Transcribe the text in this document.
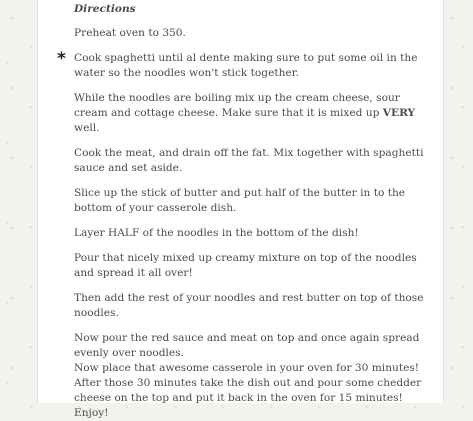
Directions

Preheat oven to 350.

Cook spaghetti until al dente making sure to put some oil in the water so the noodles won't stick together.

While the noodles are boiling mix up the cream cheese, sour cream and cottage cheese. Make sure that it is mixed up VERY well.

Cook the meat, and drain off the fat. Mix together with spaghetti sauce and set aside.

Slice up the stick of butter and put half of the butter in to the bottom of your casserole dish.

Layer HALF of the noodles in the bottom of the dish!

Pour that nicely mixed up creamy mixture on top of the noodles and spread it all over!

Then add the rest of your noodles and rest butter on top of those noodles.

Now pour the red sauce and meat on top and once again spread evenly over noodles.

Now place that awesome casserole in your oven for 30 minutes!

After those 30 minutes take the dish out and pour some chedder cheese on the top and put it back in the oven for 15 minutes!

Enjoy!

*
